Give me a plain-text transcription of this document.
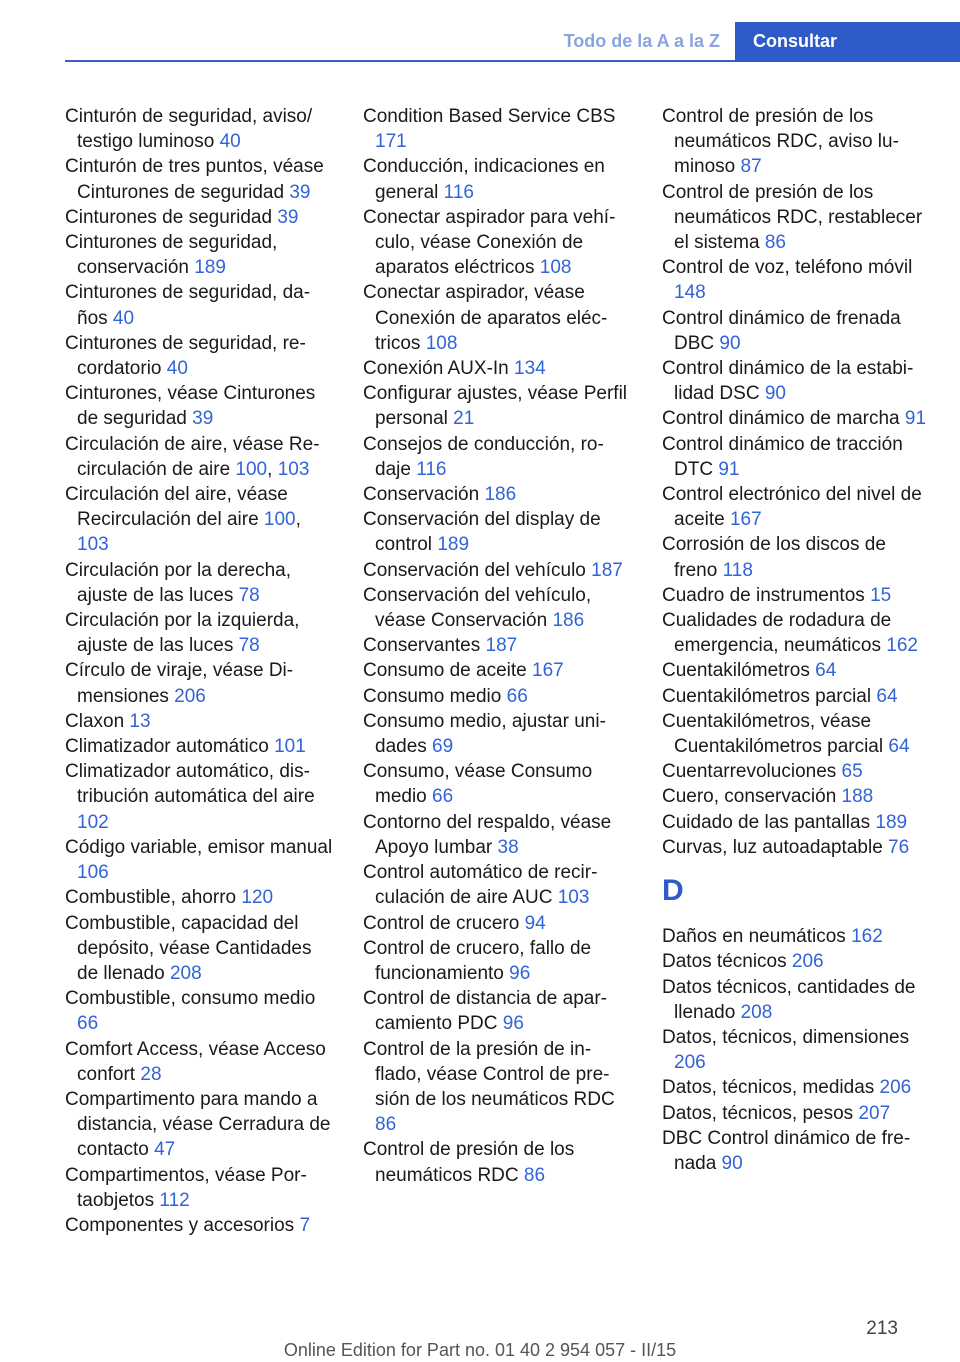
Todo de la A a la Z	Consultar
Cinturón de seguridad, aviso/ testigo luminoso 40
Cinturón de tres puntos, véase Cinturones de seguridad 39
Cinturones de seguridad 39
Cinturones de seguridad, conservación 189
Cinturones de seguridad, daños 40
Cinturones de seguridad, recordatorio 40
Cinturones, véase Cinturones de seguridad 39
Circulación de aire, véase Recirculación de aire 100, 103
Circulación del aire, véase Recirculación del aire 100, 103
Circulación por la derecha, ajuste de las luces 78
Circulación por la izquierda, ajuste de las luces 78
Círculo de viraje, véase Dimensiones 206
Claxon 13
Climatizador automático 101
Climatizador automático, distribución automática del aire 102
Código variable, emisor manual 106
Combustible, ahorro 120
Combustible, capacidad del depósito, véase Cantidades de llenado 208
Combustible, consumo medio 66
Comfort Access, véase Acceso confort 28
Compartimento para mando a distancia, véase Cerradura de contacto 47
Compartimentos, véase Portaobjetos 112
Componentes y accesorios 7
Condition Based Service CBS 171
Conducción, indicaciones en general 116
Conectar aspirador para vehículo, véase Conexión de aparatos eléctricos 108
Conectar aspirador, véase Conexión de aparatos eléctricos 108
Conexión AUX-In 134
Configurar ajustes, véase Perfil personal 21
Consejos de conducción, rodaje 116
Conservación 186
Conservación del display de control 189
Conservación del vehículo 187
Conservación del vehículo, véase Conservación 186
Conservantes 187
Consumo de aceite 167
Consumo medio 66
Consumo medio, ajustar unidades 69
Consumo, véase Consumo medio 66
Contorno del respaldo, véase Apoyo lumbar 38
Control automático de recirculación de aire AUC 103
Control de crucero 94
Control de crucero, fallo de funcionamiento 96
Control de distancia de aparcamiento PDC 96
Control de la presión de inflado, véase Control de presión de los neumáticos RDC 86
Control de presión de los neumáticos RDC 86
Control de presión de los neumáticos RDC, aviso luminoso 87
Control de presión de los neumáticos RDC, restablecer el sistema 86
Control de voz, teléfono móvil 148
Control dinámico de frenada DBC 90
Control dinámico de la estabilidad DSC 90
Control dinámico de marcha 91
Control dinámico de tracción DTC 91
Control electrónico del nivel de aceite 167
Corrosión de los discos de freno 118
Cuadro de instrumentos 15
Cualidades de rodadura de emergencia, neumáticos 162
Cuentakilómetros 64
Cuentakilómetros parcial 64
Cuentakilómetros, véase Cuentakilómetros parcial 64
Cuentarrevoluciones 65
Cuero, conservación 188
Cuidado de las pantallas 189
Curvas, luz autoadaptable 76
D
Daños en neumáticos 162
Datos técnicos 206
Datos técnicos, cantidades de llenado 208
Datos, técnicos, dimensiones 206
Datos, técnicos, medidas 206
Datos, técnicos, pesos 207
DBC Control dinámico de frenada 90
213
Online Edition for Part no. 01 40 2 954 057 - II/15
